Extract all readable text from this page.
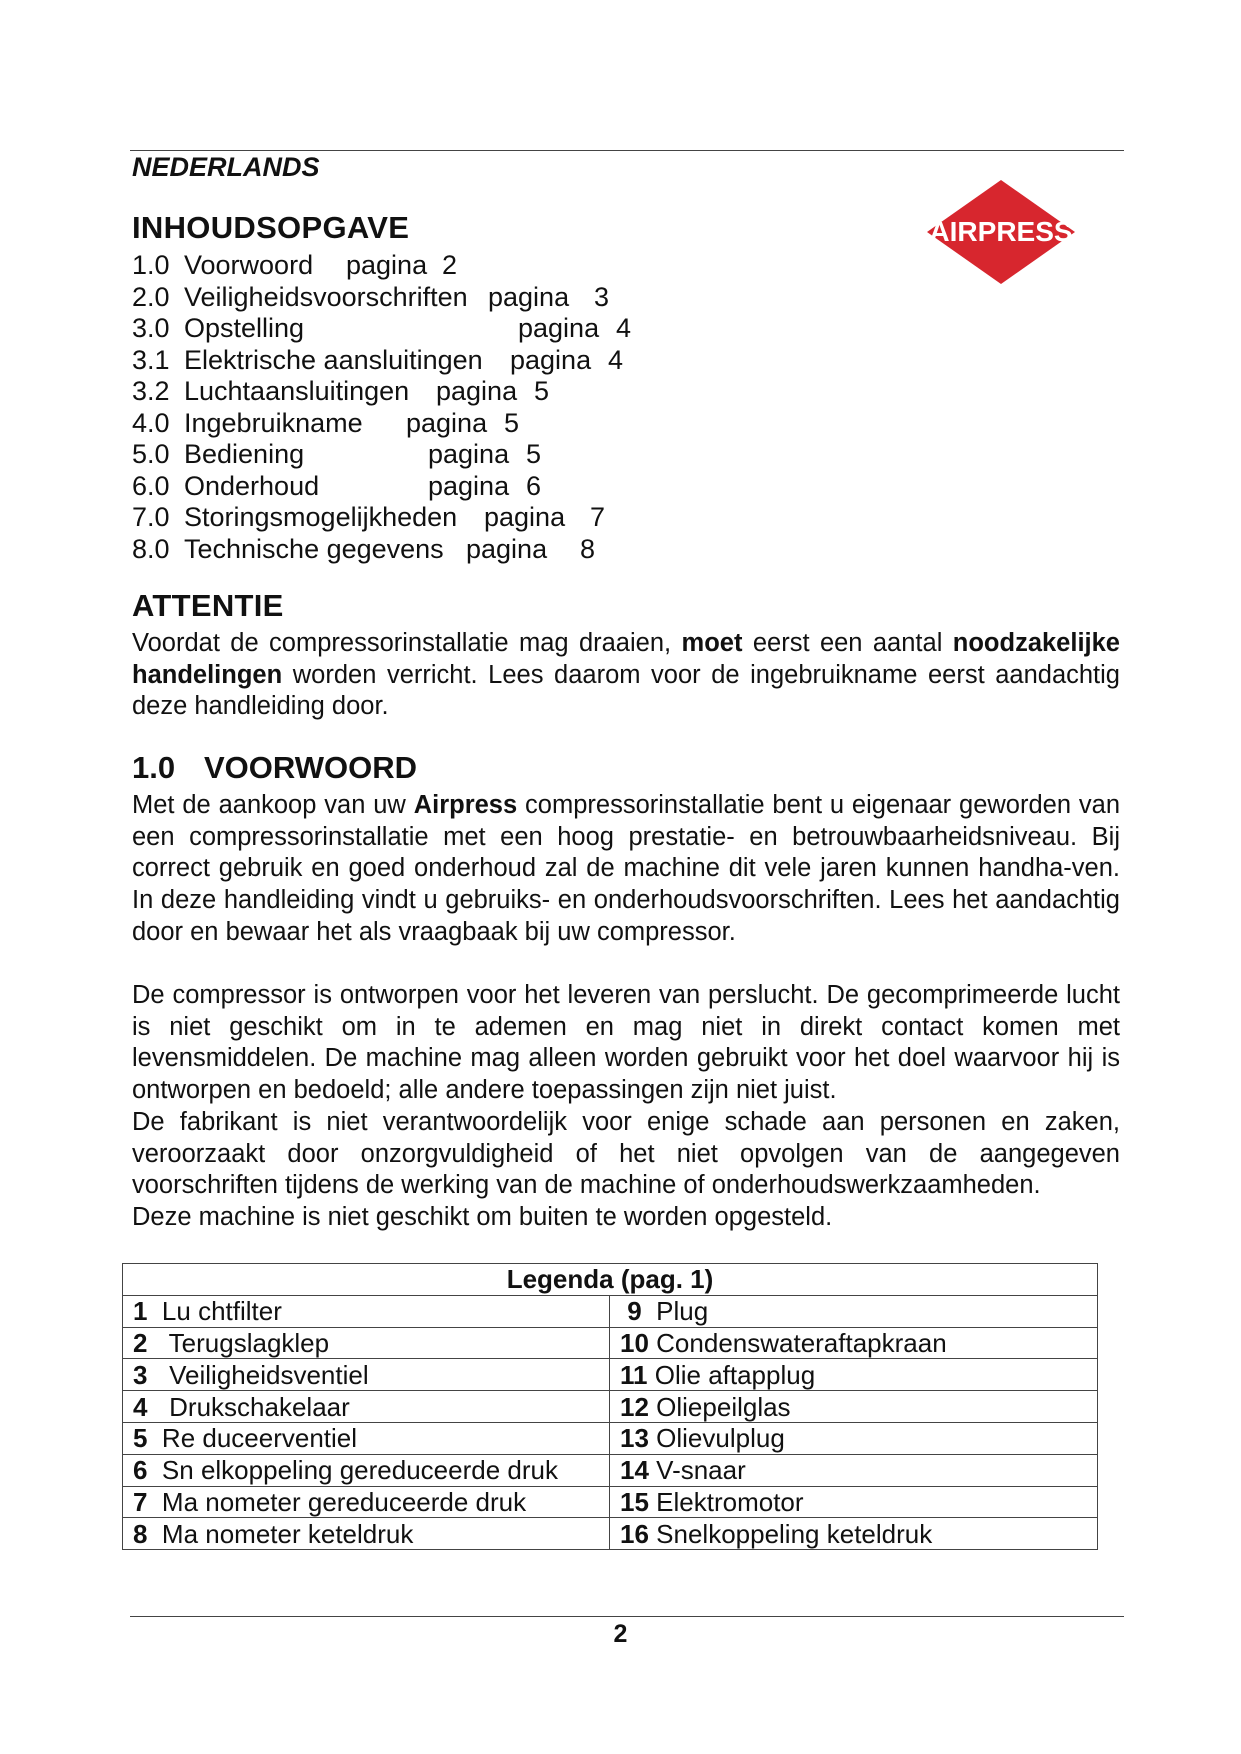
NEDERLANDS
AIRPRESS
INHOUDSOPGAVE
1.0 Voorwoord pagina 2
2.0 Veiligheidsvoorschriften pagina 3
3.0 Opstelling	pagina 4
3.1 Elektrische aansluitingen pagina 4
3.2 Luchtaansluitingen pagina 5
4.0 Ingebruikname pagina 5
5.0 Bediening	pagina 5
6.0 Onderhoud	pagina 6
7.0 Storingsmogelijkheden pagina 7
8.0 Technische gegevens pagina 8
ATTENTIE

Voordat de compressorinstallatie mag draaien, moet eerst een aantal noodzakelijke handelingen worden verricht. Lees daarom voor de ingebruikname eerst aandachtig deze handleiding door.

1.0 VOORWOORD

Met de aankoop van uw Airpress compressorinstallatie bent u eigenaar geworden van een compressorinstallatie met een hoog prestatie- en betrouwbaarheidsniveau. Bij correct gebruik en goed onderhoud zal de machine dit vele jaren kunnen handha-ven. In deze handleiding vindt u gebruiks- en onderhoudsvoorschriften. Lees het aandachtig door en bewaar het als vraagbaak bij uw compressor.

De compressor is ontworpen voor het leveren van perslucht. De gecomprimeerde lucht is niet geschikt om in te ademen en mag niet in direkt contact komen met levensmiddelen. De machine mag alleen worden gebruikt voor het doel waarvoor hij is ontworpen en bedoeld; alle andere toepassingen zijn niet juist.

De fabrikant is niet verantwoordelijk voor enige schade aan personen en zaken, veroorzaakt door onzorgvuldigheid of het niet opvolgen van de aangegeven voorschriften tijdens de werking van de machine of onderhoudswerkzaamheden.

Deze machine is niet geschikt om buiten te worden opgesteld.

Legenda (pag. 1)	
1 Lu chtfilter	9 Plug
2 Terugslagklep	10 Condenswateraftapkraan
3 Veiligheidsventiel	11 Olie aftapplug
4 Drukschakelaar	12 Oliepeilglas
5 Re duceerventiel	13 Olievulplug
6 Sn elkoppeling gereduceerde druk	14 V-snaar
7 Ma nometer gereduceerde druk	15 Elektromotor
8 Ma nometer keteldruk	16 Snelkoppeling keteldruk
2
